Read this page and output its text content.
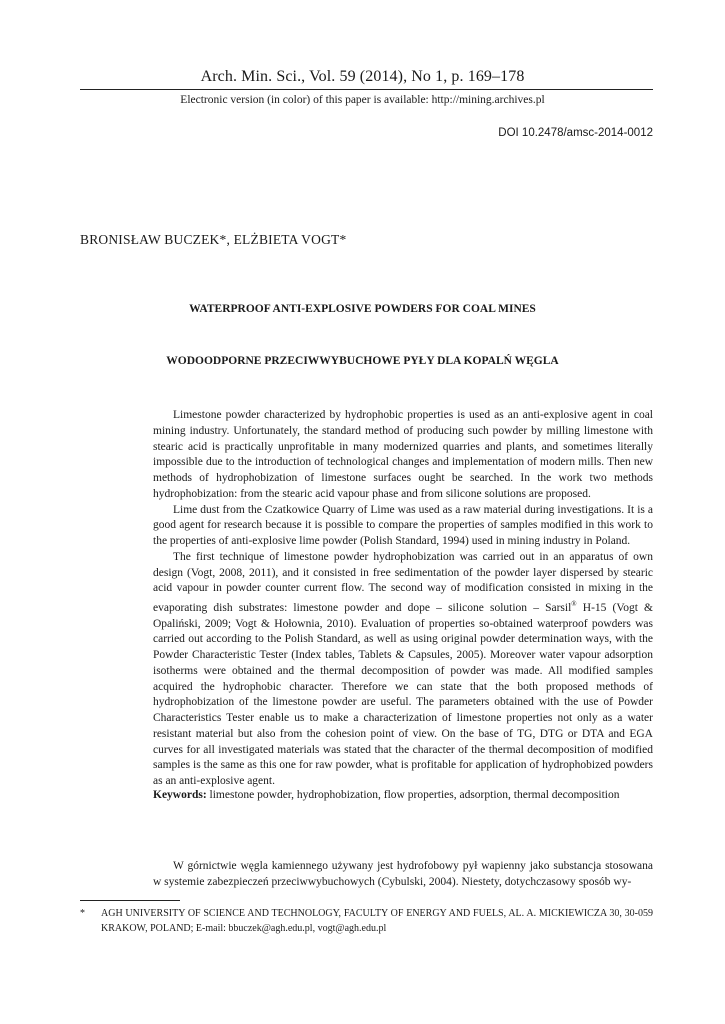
Arch. Min. Sci., Vol. 59 (2014), No 1, p. 169–178
Electronic version (in color) of this paper is available: http://mining.archives.pl
DOI 10.2478/amsc-2014-0012
BRONISŁAW BUCZEK*, ELŻBIETA VOGT*
WATERPROOF ANTI-EXPLOSIVE POWDERS FOR COAL MINES
WODOODPORNE PRZECIWWYBUCHOWE PYŁY DLA KOPALŃ WĘGLA

Limestone powder characterized by hydrophobic properties is used as an anti-explosive agent in coal mining industry. Unfortunately, the standard method of producing such powder by milling limestone with stearic acid is practically unprofitable in many modernized quarries and plants, and sometimes literally impossible due to the introduction of technological changes and implementation of modern mills. Then new methods of hydrophobization of limestone surfaces ought be searched. In the work two methods hydrophobization: from the stearic acid vapour phase and from silicone solutions are proposed.

Lime dust from the Czatkowice Quarry of Lime was used as a raw material during investigations. It is a good agent for research because it is possible to compare the properties of samples modified in this work to the properties of anti-explosive lime powder (Polish Standard, 1994) used in mining industry in Poland.

The first technique of limestone powder hydrophobization was carried out in an apparatus of own design (Vogt, 2008, 2011), and it consisted in free sedimentation of the powder layer dispersed by stearic acid vapour in powder counter current flow. The second way of modification consisted in mixing in the evaporating dish substrates: limestone powder and dope – silicone solution – Sarsil® H-15 (Vogt & Opaliński, 2009; Vogt & Hołownia, 2010). Evaluation of properties so-obtained waterproof powders was carried out according to the Polish Standard, as well as using original powder determination ways, with the Powder Characteristic Tester (Index tables, Tablets & Capsules, 2005). Moreover water vapour adsorption isotherms were obtained and the thermal decomposition of powder was made. All modified samples acquired the hydrophobic character. Therefore we can state that the both proposed methods of hydrophobization of the limestone powder are useful. The parameters obtained with the use of Powder Characteristics Tester enable us to make a characterization of limestone properties not only as a water resistant material but also from the cohesion point of view. On the base of TG, DTG or DTA and EGA curves for all investigated materials was stated that the character of the thermal decomposition of modified samples is the same as this one for raw powder, what is profitable for application of hydrophobized powders as an anti-explosive agent.

Keywords: limestone powder, hydrophobization, flow properties, adsorption, thermal decomposition
W górnictwie węgla kamiennego używany jest hydrofobowy pył wapienny jako substancja stosowana w systemie zabezpieczeń przeciwwybuchowych (Cybulski, 2004). Niestety, dotychczasowy sposób wy-
* AGH UNIVERSITY OF SCIENCE AND TECHNOLOGY, FACULTY OF ENERGY AND FUELS, AL. A. MICKIEWICZA 30, 30-059 KRAKOW, POLAND; E-mail: bbuczek@agh.edu.pl, vogt@agh.edu.pl
